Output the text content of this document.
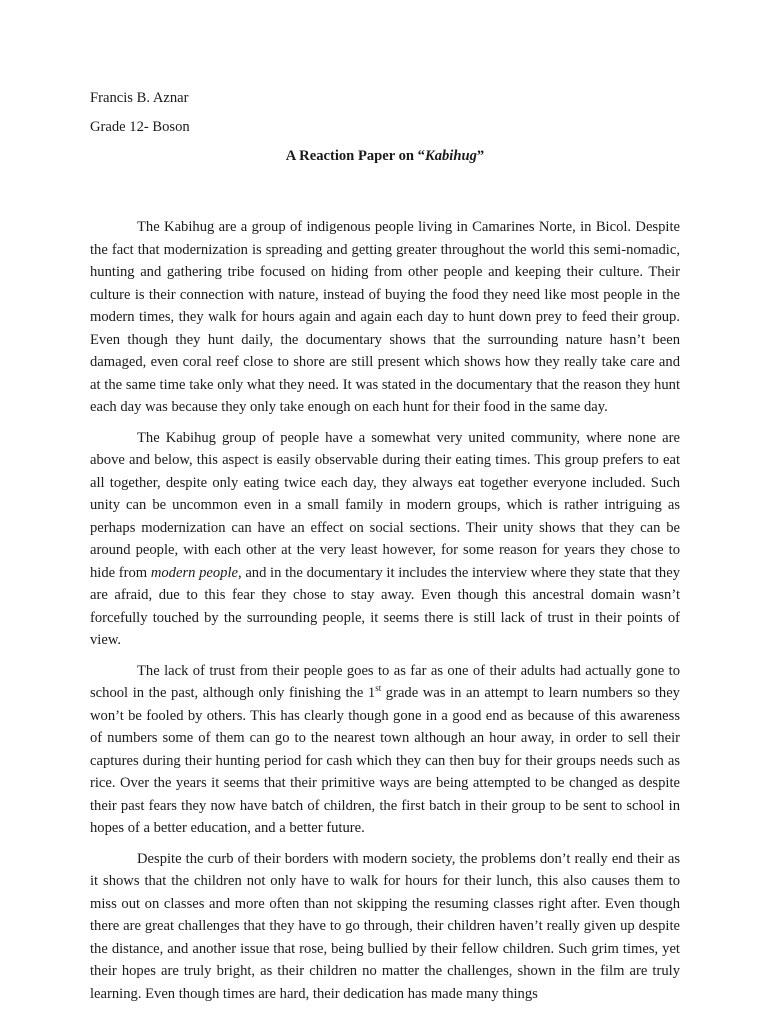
Francis B. Aznar

Grade 12- Boson

A Reaction Paper on “Kabihug”

The Kabihug are a group of indigenous people living in Camarines Norte, in Bicol. Despite the fact that modernization is spreading and getting greater throughout the world this semi-nomadic, hunting and gathering tribe focused on hiding from other people and keeping their culture. Their culture is their connection with nature, instead of buying the food they need like most people in the modern times, they walk for hours again and again each day to hunt down prey to feed their group. Even though they hunt daily, the documentary shows that the surrounding nature hasn’t been damaged, even coral reef close to shore are still present which shows how they really take care and at the same time take only what they need. It was stated in the documentary that the reason they hunt each day was because they only take enough on each hunt for their food in the same day.

The Kabihug group of people have a somewhat very united community, where none are above and below, this aspect is easily observable during their eating times. This group prefers to eat all together, despite only eating twice each day, they always eat together everyone included. Such unity can be uncommon even in a small family in modern groups, which is rather intriguing as perhaps modernization can have an effect on social sections. Their unity shows that they can be around people, with each other at the very least however, for some reason for years they chose to hide from modern people, and in the documentary it includes the interview where they state that they are afraid, due to this fear they chose to stay away. Even though this ancestral domain wasn’t forcefully touched by the surrounding people, it seems there is still lack of trust in their points of view.

The lack of trust from their people goes to as far as one of their adults had actually gone to school in the past, although only finishing the 1st grade was in an attempt to learn numbers so they won’t be fooled by others. This has clearly though gone in a good end as because of this awareness of numbers some of them can go to the nearest town although an hour away, in order to sell their captures during their hunting period for cash which they can then buy for their groups needs such as rice. Over the years it seems that their primitive ways are being attempted to be changed as despite their past fears they now have batch of children, the first batch in their group to be sent to school in hopes of a better education, and a better future.

Despite the curb of their borders with modern society, the problems don’t really end their as it shows that the children not only have to walk for hours for their lunch, this also causes them to miss out on classes and more often than not skipping the resuming classes right after. Even though there are great challenges that they have to go through, their children haven’t really given up despite the distance, and another issue that rose, being bullied by their fellow children. Such grim times, yet their hopes are truly bright, as their children no matter the challenges, shown in the film are truly learning. Even though times are hard, their dedication has made many things
